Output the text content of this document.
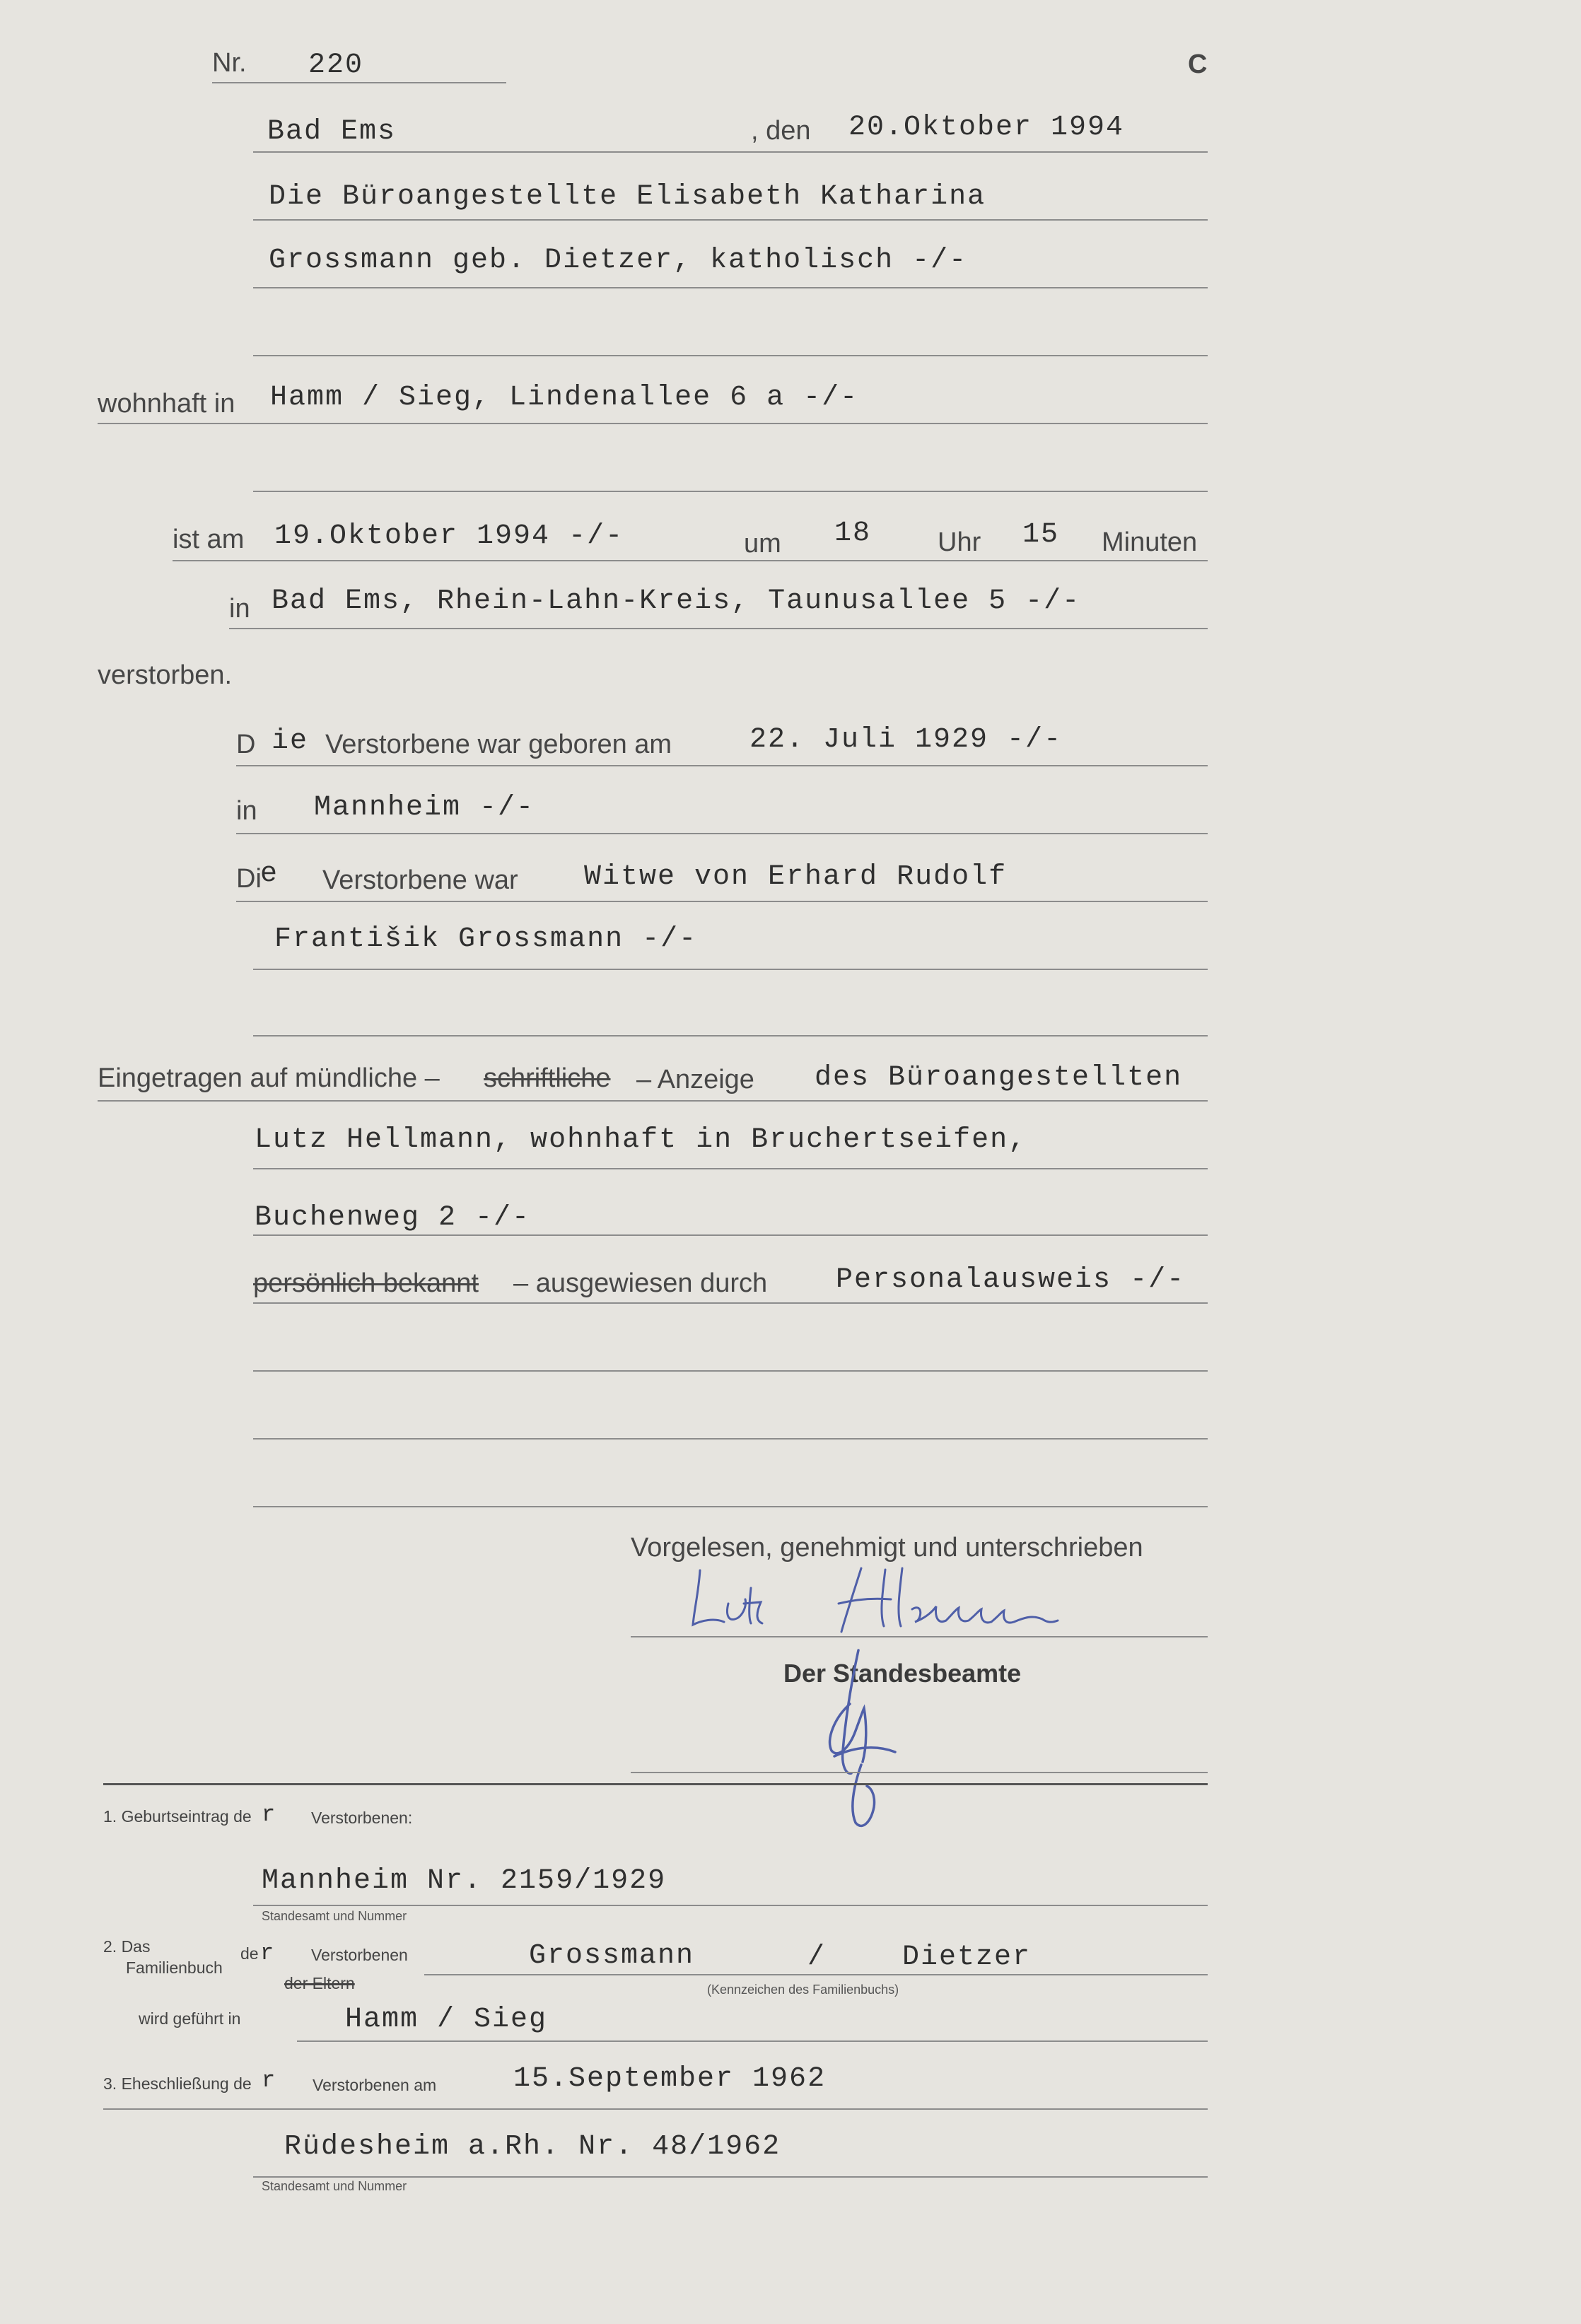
Nr. 220	C
Bad Ems	, den 20.Oktober 1994
Die Büroangestellte Elisabeth Katharina
Grossmann geb. Dietzer, katholisch -/-
wohnhaft in Hamm / Sieg, Lindenallee 6 a -/-
ist am 19.Oktober 1994 -/-	um 18 Uhr 15 Minuten
in Bad Ems, Rhein-Lahn-Kreis, Taunusallee 5 -/-
verstorben.
D ie Verstorbene war geboren am	22. Juli 1929 -/-
in Mannheim -/-
Di
e Verstorbene war Witwe von Erhard Rudolf
Františik Grossmann -/-
Eingetragen auf mündliche – schriftliche – Anzeige des Büroangestellten
Lutz Hellmann, wohnhaft in Bruchertseifen,
Buchenweg 2 -/-
persönlich bekannt – ausgewiesen durch Personalausweis -/-
Vorgelesen, genehmigt und unterschrieben
Der Standesbeamte
1. Geburtseintrag de r Verstorbenen:
Mannheim Nr. 2159/1929
Standesamt und Nummer
2. Das
Familienbuch
de r Verstorbenen
der Eltern
Grossmann	/	Dietzer
(Kennzeichen des Familienbuchs)
wird geführt in	Hamm / Sieg
3. Eheschließung de r Verstorbenen am	15.September 1962
Rüdesheim a.Rh. Nr. 48/1962
Standesamt und Nummer
